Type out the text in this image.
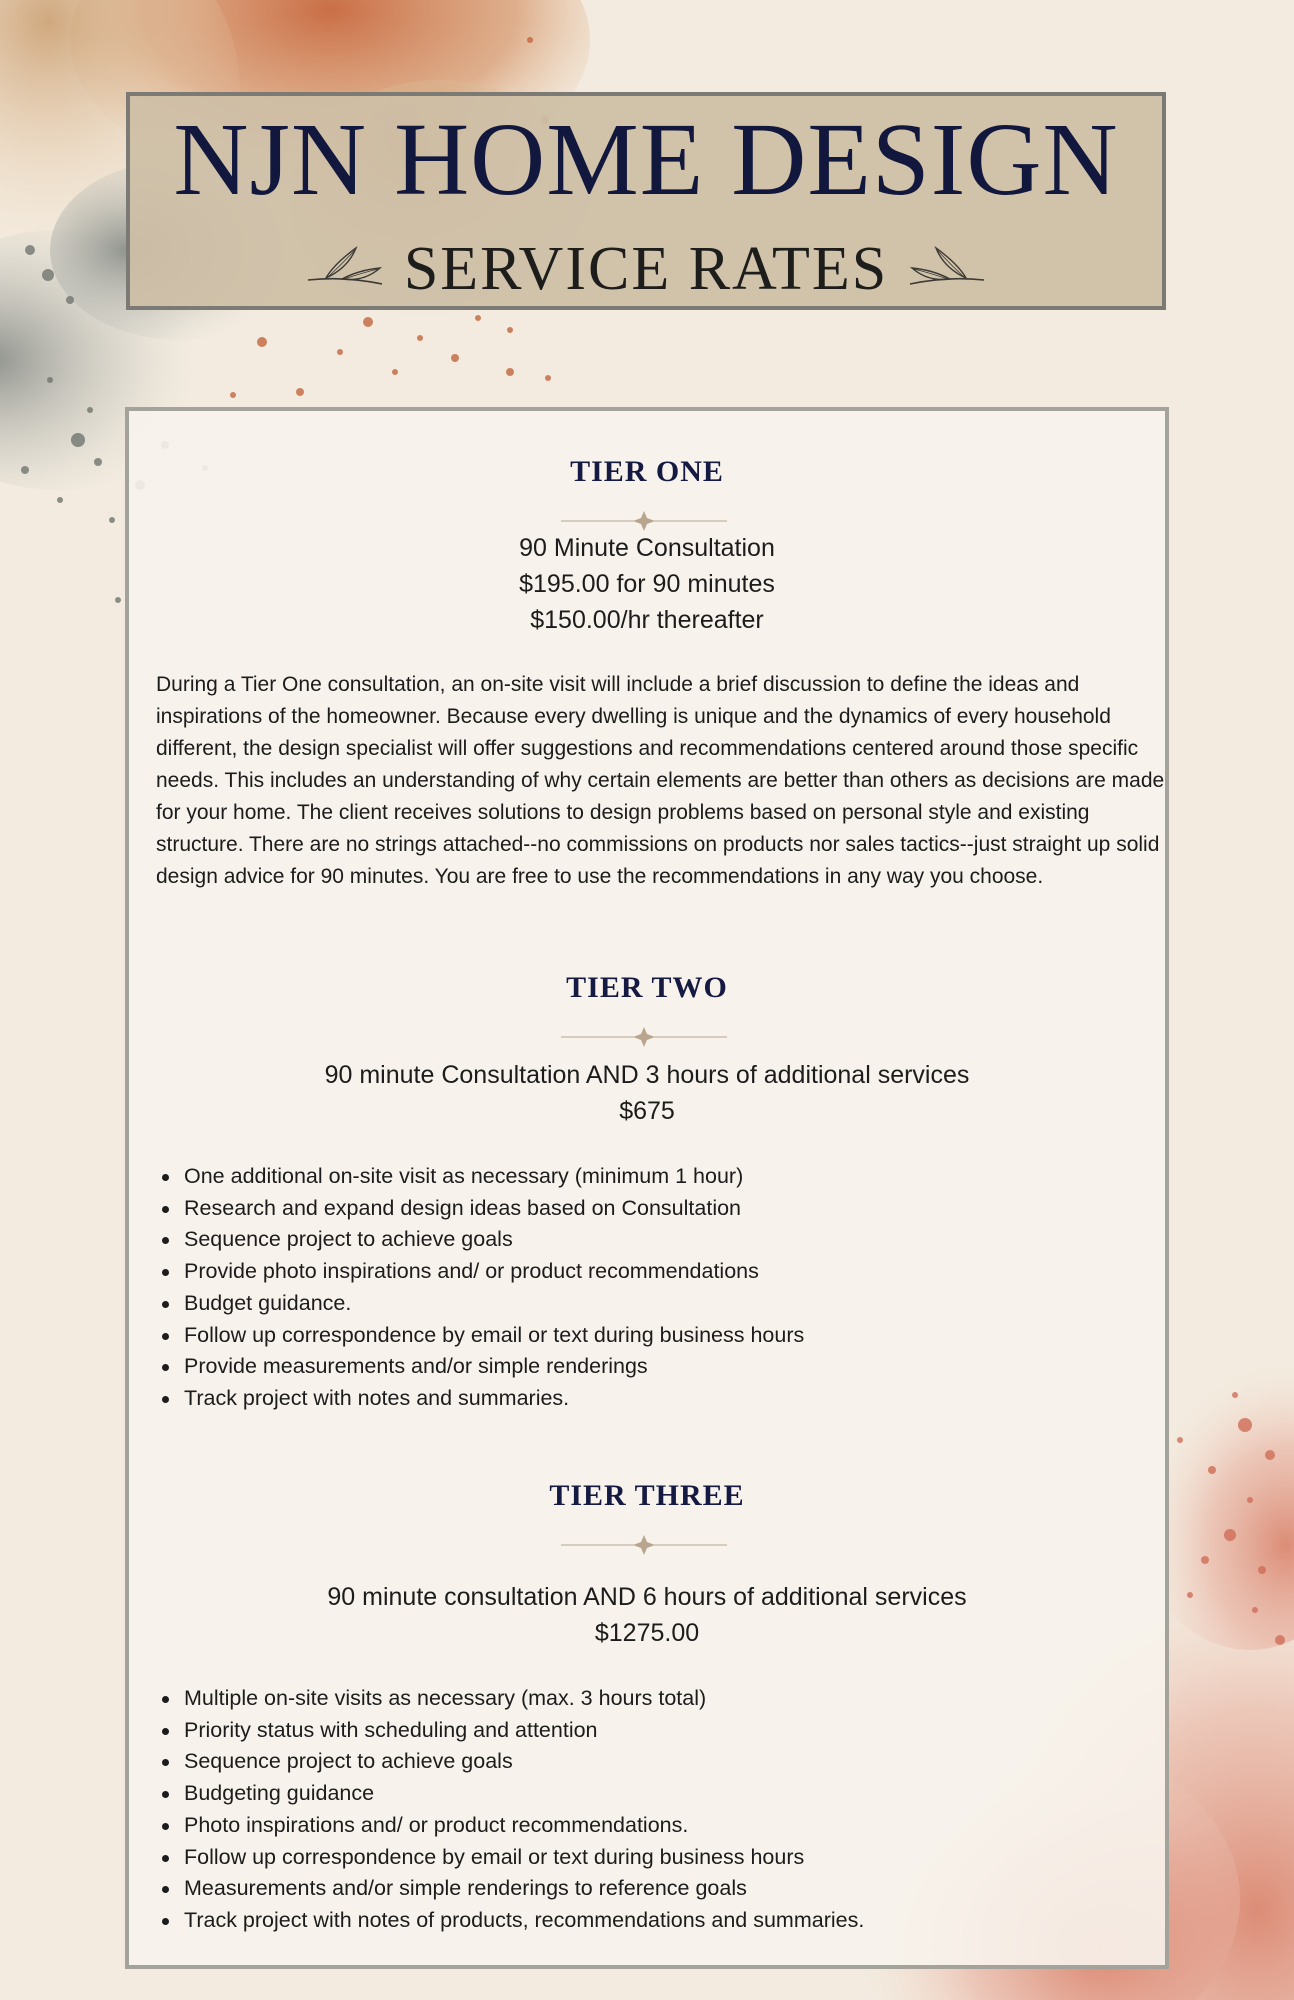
NJN HOME DESIGN
SERVICE RATES
TIER ONE
90 Minute Consultation
$195.00 for 90 minutes
$150.00/hr thereafter

During a Tier One consultation, an on-site visit will include a brief discussion to define the ideas and inspirations of the homeowner. Because every dwelling is unique and the dynamics of every household different, the design specialist will offer suggestions and recommendations centered around those specific needs. This includes an understanding of why certain elements are better than others as decisions are made for your home. The client receives solutions to design problems based on personal style and existing structure. There are no strings attached--no commissions on products nor sales tactics--just straight up solid design advice for 90 minutes. You are free to use the recommendations in any way you choose.

TIER TWO
90 minute Consultation AND 3 hours of additional services
$675
One additional on-site visit as necessary (minimum 1 hour)
Research and expand design ideas based on Consultation
Sequence project to achieve goals
Provide photo inspirations and/ or product recommendations
Budget guidance.
Follow up correspondence by email or text during business hours
Provide measurements and/or simple renderings
Track project with notes and summaries.
TIER THREE
90 minute consultation AND 6 hours of additional services
$1275.00
Multiple on-site visits as necessary (max. 3 hours total)
Priority status with scheduling and attention
Sequence project to achieve goals
Budgeting guidance
Photo inspirations and/ or product recommendations.
Follow up correspondence by email or text during business hours
Measurements and/or simple renderings to reference goals
Track project with notes of products, recommendations and summaries.
